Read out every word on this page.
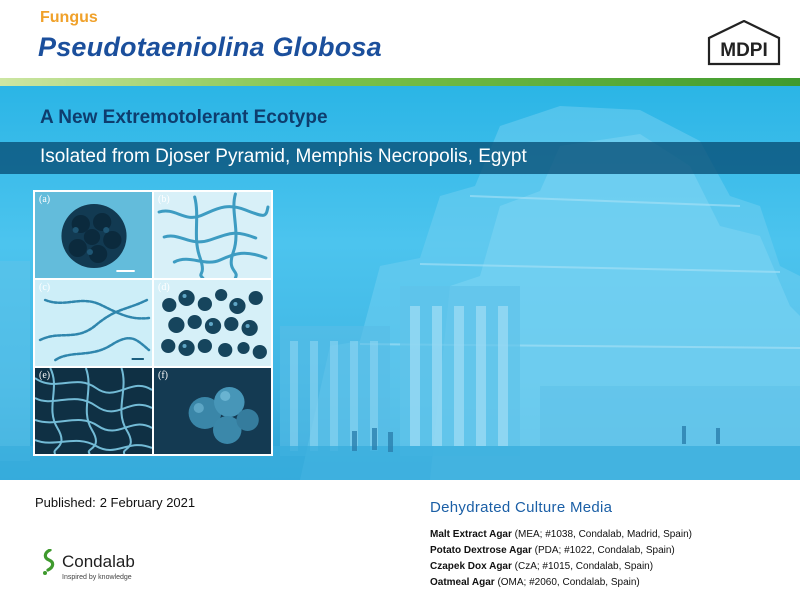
Fungus
Pseudotaeniolina Globosa	MDPI
A New Extremotolerant Ecotype
Isolated from Djoser Pyramid, Memphis Necropolis, Egypt
(a)	(b)
(c)	(d)
(e)	(f)
Published: 2 February 2021	Dehydrated Culture Media
Malt Extract Agar (MEA; #1038, Condalab, Madrid, Spain)
Potato Dextrose Agar (PDA; #1022, Condalab, Spain)
Czapek Dox Agar (CzA; #1015, Condalab, Spain)
Oatmeal Agar (OMA; #2060, Condalab, Spain)
Condalab
Inspired by knowledge
